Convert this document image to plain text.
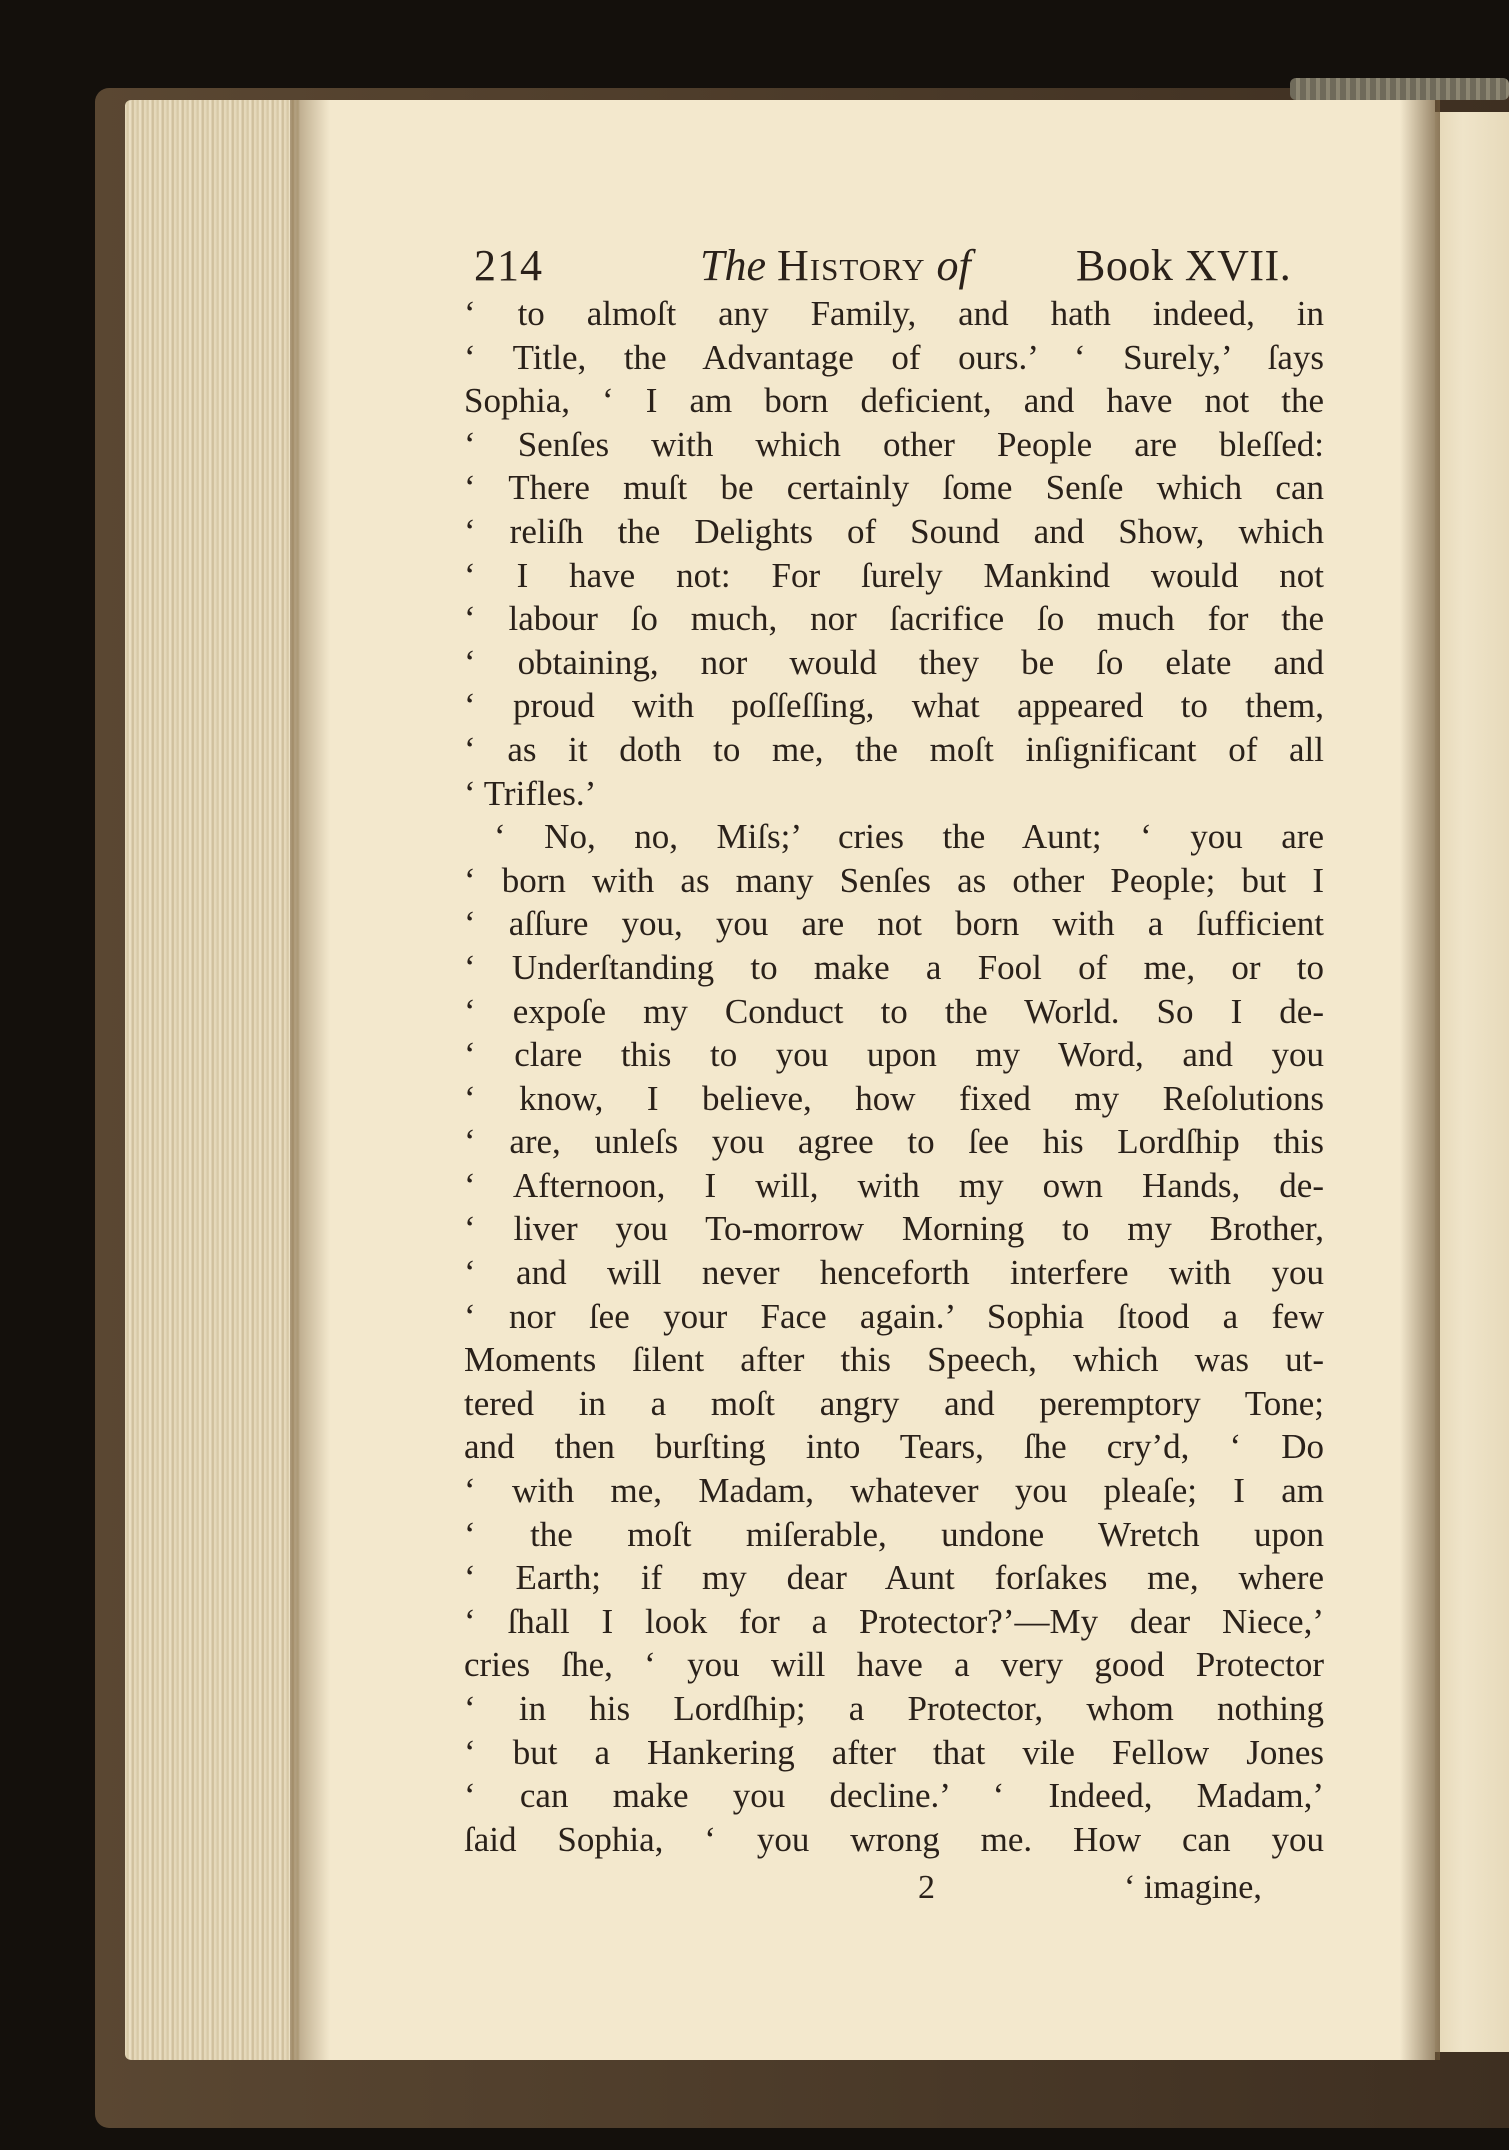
214	The History of Book XVII.
‘ to almoſt any Family, and hath indeed, in
‘ Title, the Advantage of ours.’ ‘ Surely,’ ſays
Sophia, ‘ I am born deficient, and have not the
‘ Senſes with which other People are bleſſed:
‘ There muſt be certainly ſome Senſe which can
‘ reliſh the Delights of Sound and Show, which
‘ I have not: For ſurely Mankind would not
‘ labour ſo much, nor ſacrifice ſo much for the
‘ obtaining, nor would they be ſo elate and
‘ proud with poſſeſſing, what appeared to them,
‘ as it doth to me, the moſt inſignificant of all
‘ Trifles.’
‘ No, no, Miſs;’ cries the Aunt; ‘ you are
‘ born with as many Senſes as other People; but I
‘ aſſure you, you are not born with a ſufficient
‘ Underſtanding to make a Fool of me, or to
‘ expoſe my Conduct to the World. So I de-
‘ clare this to you upon my Word, and you
‘ know, I believe, how fixed my Reſolutions
‘ are, unleſs you agree to ſee his Lordſhip this
‘ Afternoon, I will, with my own Hands, de-
‘ liver you To-morrow Morning to my Brother,
‘ and will never henceforth interfere with you
‘ nor ſee your Face again.’ Sophia ſtood a few
Moments ſilent after this Speech, which was ut-
tered in a moſt angry and peremptory Tone;
and then burſting into Tears, ſhe cry’d, ‘ Do
‘ with me, Madam, whatever you pleaſe; I am
‘ the moſt miſerable, undone Wretch upon
‘ Earth; if my dear Aunt forſakes me, where
‘ ſhall I look for a Protector?’—My dear Niece,’
cries ſhe, ‘ you will have a very good Protector
‘ in his Lordſhip; a Protector, whom nothing
‘ but a Hankering after that vile Fellow Jones
‘ can make you decline.’ ‘ Indeed, Madam,’
ſaid Sophia, ‘ you wrong me. How can you
2	‘ imagine,
